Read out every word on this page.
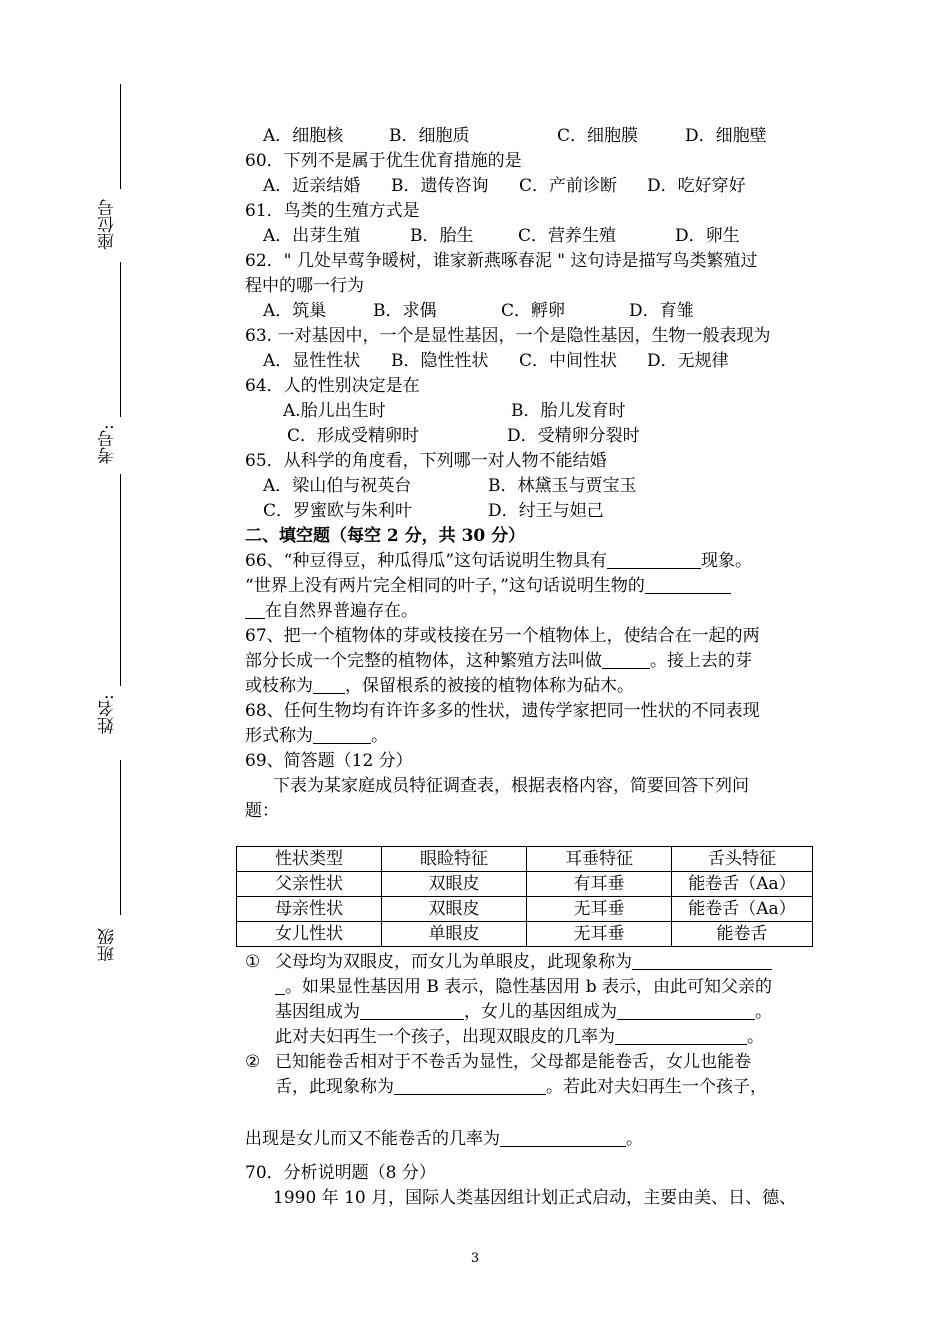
座位号
考号:
姓名:
班级
A．细胞核	B．细胞质	C．细胞膜	D．细胞壁
60．下列不是属于优生优育措施的是
A．近亲结婚 B．遗传咨询 C．产前诊断 D．吃好穿好
61．鸟类的生殖方式是
A．出芽生殖	B．胎生	C．营养生殖	D．卵生
62．" 几处早莺争暖树，谁家新燕啄春泥 " 这句诗是描写鸟类繁殖过
程中的哪一行为
A．筑巢	B．求偶	C．孵卵	D．育雏
63. 一对基因中，一个是显性基因，一个是隐性基因，生物一般表现为
A．显性性状 B．隐性性状 C．中间性状 D．无规律
64．人的性别决定是在
A.胎儿出生时	B．胎儿发育时
C．形成受精卵时	D．受精卵分裂时
65．从科学的角度看，下列哪一对人物不能结婚
A．梁山伯与祝英台	B．林黛玉与贾宝玉
C．罗蜜欧与朱利叶	D．纣王与妲己
二、填空题（每空 2 分，共 30 分）
66、“种豆得豆，种瓜得瓜”这句话说明生物具有	现象。
“世界上没有两片完全相同的叶子，”这句话说明生物的
在自然界普遍存在。
67、把一个植物体的芽或枝接在另一个植物体上，使结合在一起的两
部分长成一个完整的植物体，这种繁殖方法叫做	。接上去的芽
或枝称为 ，保留根系的被接的植物体称为砧木。
68、任何生物均有许许多多的性状，遗传学家把同一性状的不同表现
形式称为	。
69、简答题（12 分）
下表为某家庭成员特征调查表，根据表格内容，简要回答下列问
题：
性状类型	眼睑特征	耳垂特征	舌头特征
父亲性状	双眼皮	有耳垂	能卷舌（Aa）
母亲性状	双眼皮	无耳垂	能卷舌（Aa）
女儿性状	单眼皮	无耳垂	能卷舌
① 父母均为双眼皮，而女儿为单眼皮，此现象称为
。如果显性基因用 B 表示，隐性基因用 b 表示，由此可知父亲的
基因组成为	，女儿的基因组成为	。
此对夫妇再生一个孩子，出现双眼皮的几率为	。
② 已知能卷舌相对于不卷舌为显性，父母都是能卷舌，女儿也能卷
舌，此现象称为	。若此对夫妇再生一个孩子，
出现是女儿而又不能卷舌的几率为	。
70．分析说明题（8 分）
1990 年 10 月，国际人类基因组计划正式启动，主要由美、日、德、
3
